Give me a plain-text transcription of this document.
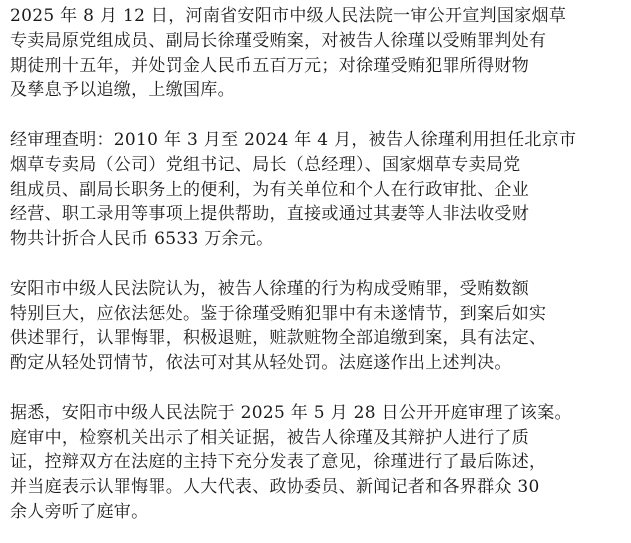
2025 年 8 月 12 日，河南省安阳市中级人民法院一审公开宣判国家烟草
专卖局原党组成员、副局长徐瑾受贿案，对被告人徐瑾以受贿罪判处有
期徒刑十五年，并处罚金人民币五百万元；对徐瑾受贿犯罪所得财物
及孳息予以追缴，上缴国库。

经审理查明：2010 年 3 月至 2024 年 4 月，被告人徐瑾利用担任北京市
烟草专卖局（公司）党组书记、局长（总经理）、国家烟草专卖局党
组成员、副局长职务上的便利，为有关单位和个人在行政审批、企业
经营、职工录用等事项上提供帮助，直接或通过其妻等人非法收受财
物共计折合人民币 6533 万余元。

安阳市中级人民法院认为，被告人徐瑾的行为构成受贿罪，受贿数额
特别巨大，应依法惩处。鉴于徐瑾受贿犯罪中有未遂情节，到案后如实
供述罪行，认罪悔罪，积极退赃，赃款赃物全部追缴到案，具有法定、
酌定从轻处罚情节，依法可对其从轻处罚。法庭遂作出上述判决。

据悉，安阳市中级人民法院于 2025 年 5 月 28 日公开开庭审理了该案。
庭审中，检察机关出示了相关证据，被告人徐瑾及其辩护人进行了质
证，控辩双方在法庭的主持下充分发表了意见，徐瑾进行了最后陈述，
并当庭表示认罪悔罪。人大代表、政协委员、新闻记者和各界群众 30
余人旁听了庭审。
